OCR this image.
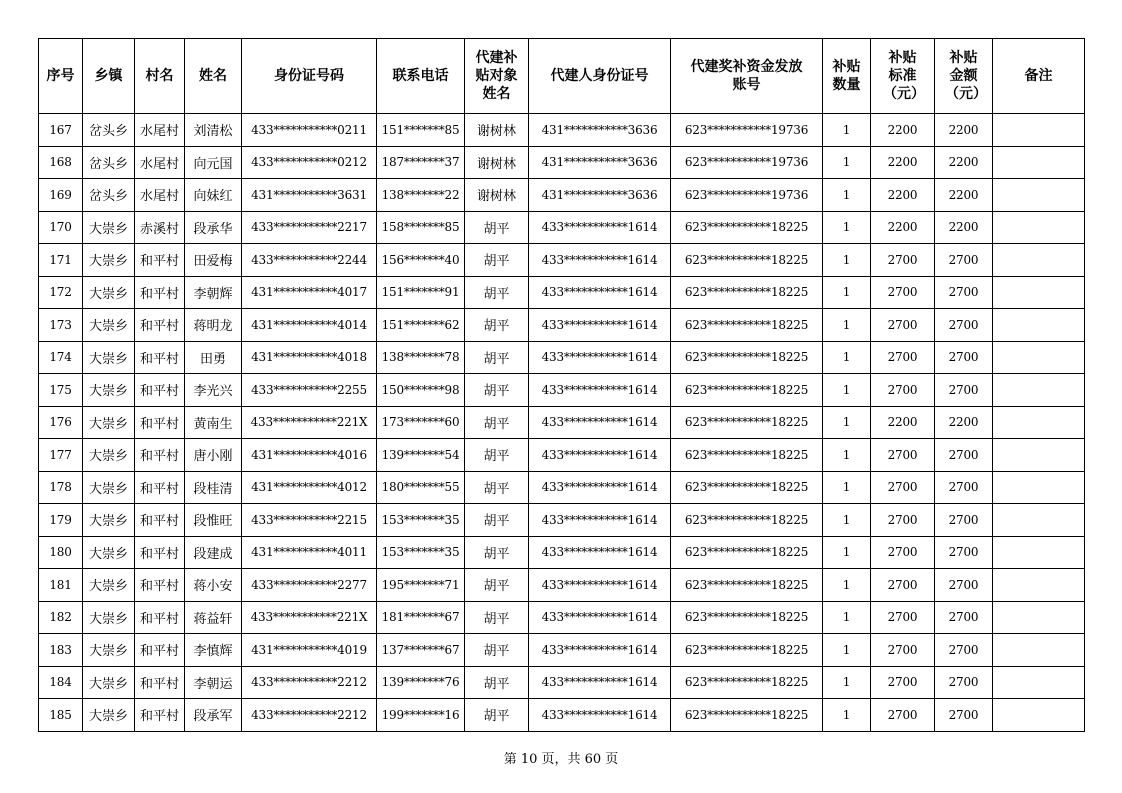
序号	乡镇	村名	姓名	身份证号码	联系电话	代建补贴对象姓名	代建人身份证号	代建奖补资金发放账号	补贴数量	补贴标准（元）	补贴金额（元）	备注
167	岔头乡	水尾村	刘清松	433***********0211	151*******85	谢树林	431***********3636	623***********19736	1	2200	2200	
168	岔头乡	水尾村	向元国	433***********0212	187*******37	谢树林	431***********3636	623***********19736	1	2200	2200	
169	岔头乡	水尾村	向妹红	431***********3631	138*******22	谢树林	431***********3636	623***********19736	1	2200	2200	
170	大崇乡	赤溪村	段承华	433***********2217	158*******85	胡平	433***********1614	623***********18225	1	2200	2200	
171	大崇乡	和平村	田爱梅	433***********2244	156*******40	胡平	433***********1614	623***********18225	1	2700	2700	
172	大崇乡	和平村	李朝辉	431***********4017	151*******91	胡平	433***********1614	623***********18225	1	2700	2700	
173	大崇乡	和平村	蒋明龙	431***********4014	151*******62	胡平	433***********1614	623***********18225	1	2700	2700	
174	大崇乡	和平村	田勇	431***********4018	138*******78	胡平	433***********1614	623***********18225	1	2700	2700	
175	大崇乡	和平村	李光兴	433***********2255	150*******98	胡平	433***********1614	623***********18225	1	2700	2700	
176	大崇乡	和平村	黄南生	433***********221X	173*******60	胡平	433***********1614	623***********18225	1	2200	2200	
177	大崇乡	和平村	唐小刚	431***********4016	139*******54	胡平	433***********1614	623***********18225	1	2700	2700	
178	大崇乡	和平村	段桂清	431***********4012	180*******55	胡平	433***********1614	623***********18225	1	2700	2700	
179	大崇乡	和平村	段惟旺	433***********2215	153*******35	胡平	433***********1614	623***********18225	1	2700	2700	
180	大崇乡	和平村	段建成	431***********4011	153*******35	胡平	433***********1614	623***********18225	1	2700	2700	
181	大崇乡	和平村	蒋小安	433***********2277	195*******71	胡平	433***********1614	623***********18225	1	2700	2700	
182	大崇乡	和平村	蒋益轩	433***********221X	181*******67	胡平	433***********1614	623***********18225	1	2700	2700	
183	大崇乡	和平村	李慎辉	431***********4019	137*******67	胡平	433***********1614	623***********18225	1	2700	2700	
184	大崇乡	和平村	李朝运	433***********2212	139*******76	胡平	433***********1614	623***********18225	1	2700	2700	
185	大崇乡	和平村	段承军	433***********2212	199*******16	胡平	433***********1614	623***********18225	1	2700	2700	
第 10 页，共 60 页
